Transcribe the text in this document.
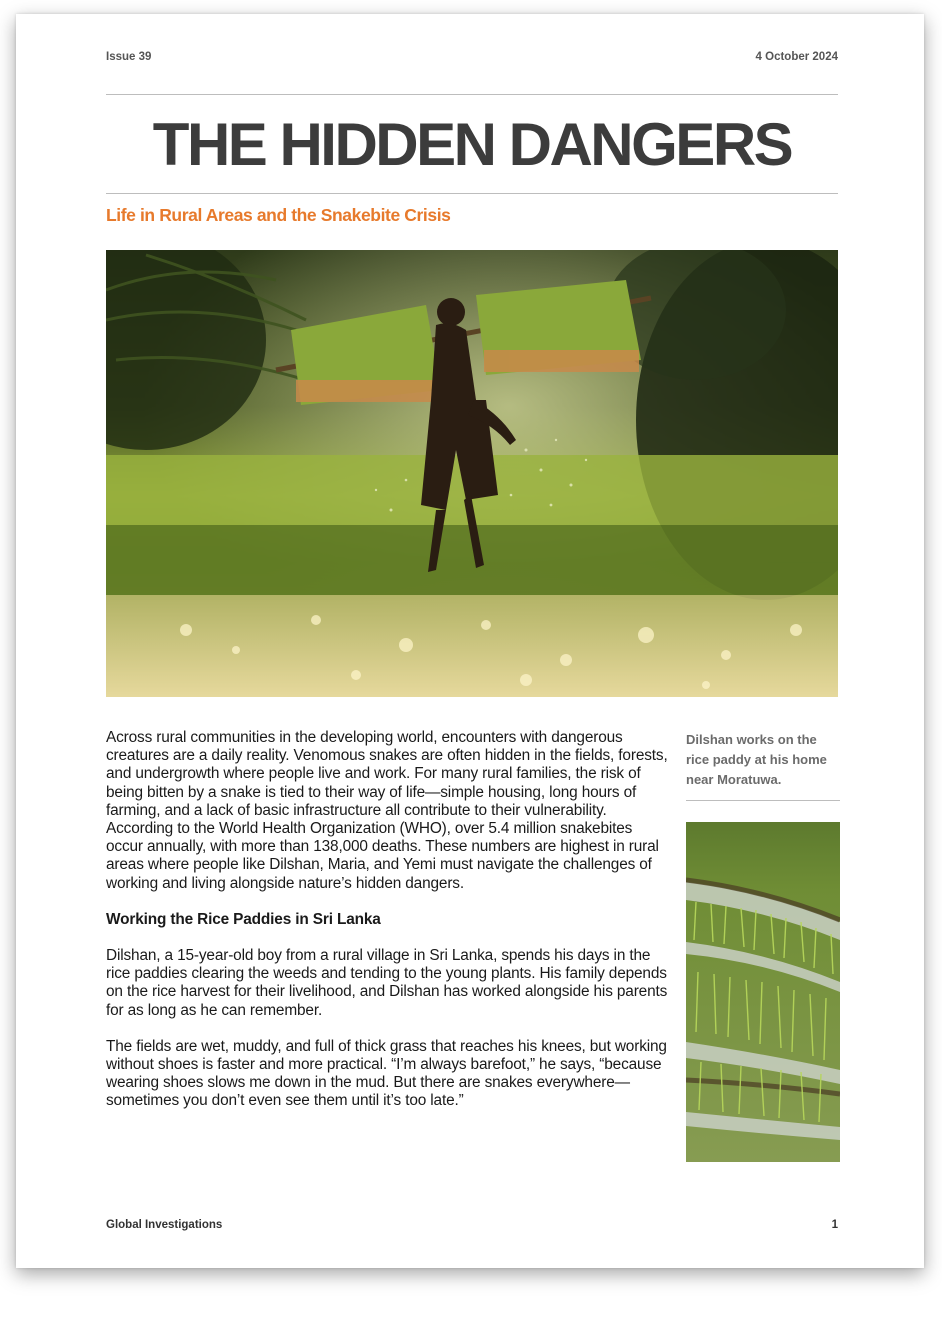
Issue 39	4 October 2024
THE HIDDEN DANGERS
Life in Rural Areas and the Snakebite Crisis

Across rural communities in the developing world, encounters with dangerous creatures are a daily reality. Venomous snakes are often hidden in the fields, forests, and undergrowth where people live and work. For many rural families, the risk of being bitten by a snake is tied to their way of life—simple housing, long hours of farming, and a lack of basic infrastructure all contribute to their vulnerability. According to the World Health Organization (WHO), over 5.4 million snakebites occur annually, with more than 138,000 deaths. These numbers are highest in rural areas where people like Dilshan, Maria, and Yemi must navigate the challenges of working and living alongside nature’s hidden dangers.

Working the Rice Paddies in Sri Lanka

Dilshan, a 15-year-old boy from a rural village in Sri Lanka, spends his days in the rice paddies clearing the weeds and tending to the young plants. His family depends on the rice harvest for their livelihood, and Dilshan has worked alongside his parents for as long as he can remember.

The fields are wet, muddy, and full of thick grass that reaches his knees, but working without shoes is faster and more practical. “I’m always barefoot,” he says, “because wearing shoes slows me down in the mud. But there are snakes everywhere—sometimes you don’t even see them until it’s too late.”

Dilshan works on the rice paddy at his home near Moratuwa.
Global Investigations	1
